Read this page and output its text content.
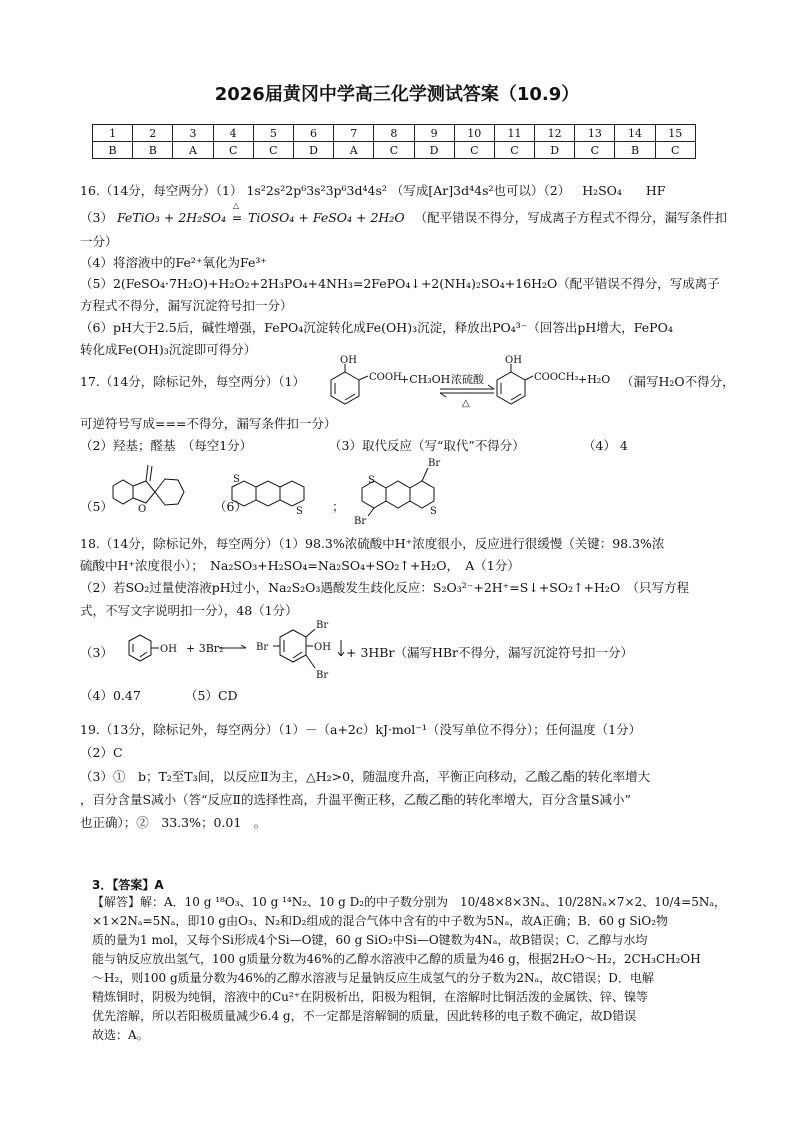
2026届黄冈中学高三化学测试答案（10.9）
1	2	3	4	5	6	7	8	9	10	11	12	13	14	15
B	B	A	C	C	D	A	C	D	C	C	D	C	B	C
16.（14分，每空两分）（1） 1s²2s²2p⁶3s²3p⁶3d⁴4s² （写成[Ar]3d⁴4s²也可以）（2） H₂SO₄ HF
（3） FeTiO₃ + 2H₂SO₄ =
△
TiOSO₄ + FeSO₄ + 2H₂O （配平错误不得分，写成离子方程式不得分，漏写条件扣
一分）
（4）将溶液中的Fe²⁺氧化为Fe³⁺
（5）2(FeSO₄·7H₂O)+H₂O₂+2H₃PO₄+4NH₃=2FePO₄↓+2(NH₄)₂SO₄+16H₂O（配平错误不得分，写成离子
方程式不得分，漏写沉淀符号扣一分）
（6）pH大于2.5后，碱性增强，FePO₄沉淀转化成Fe(OH)₃沉淀，释放出PO₄³⁻（回答出pH增大，FePO₄
转化成Fe(OH)₃沉淀即可得分）
17.（14分，除标记外，每空两分）（1）
OH
COOH
+CH₃OH 浓硫酸
△
OH
COOCH₃ +H₂O （漏写H₂O不得分，
可逆符号写成===不得分，漏写条件扣一分）
（2）羟基；醛基　（每空1分）	（3）取代反应（写“取代”不得分）	（4） 4
（5）	（6）	；
O
S
S
Br
Br
S
S
18.（14分，除标记外，每空两分）（1）98.3%浓硫酸中H⁺浓度很小，反应进行很缓慢（关键：98.3%浓
硫酸中H⁺浓度很小）；　Na₂SO₃+H₂SO₄=Na₂SO₄+SO₂↑+H₂O，　A（1分）
（2）若SO₂过量使溶液pH过小，Na₂S₂O₃遇酸发生歧化反应：S₂O₃²⁻+2H⁺=S↓+SO₂↑+H₂O　（只写方程
式，不写文字说明扣一分），48（1分）
（3）	OH + 3Br₂
Br
Br	OH
Br
+ 3HBr（漏写HBr不得分，漏写沉淀符号扣一分）
（4）0.47	（5）CD
19.（13分，除标记外，每空两分）（1）－（a+2c）kJ·mol⁻¹（没写单位不得分）；任何温度（1分）
（2）C
（3）①　b；T₂至T₃间，以反应Ⅱ为主，△H₂>0，随温度升高，平衡正向移动，乙酸乙酯的转化率增大
，百分含量S减小（答“反应Ⅱ的选择性高，升温平衡正移，乙酸乙酯的转化率增大，百分含量S减小”
也正确）；②　33.3%；0.01　。
3．【答案】A
【解答】解：A．10 g ¹⁸O₃、10 g ¹⁴N₂、10 g D₂的中子数分别为　10/48×8×3Nₐ、10/28Nₐ×7×2、10/4=5Nₐ，
×1×2Nₐ=5Nₐ，即10 g由O₃、N₂和D₂组成的混合气体中含有的中子数为5Nₐ，故A正确；B．60 g SiO₂物
质的量为1 mol，又每个Si形成4个Si—O键，60 g SiO₂中Si—O键数为4Nₐ，故B错误；C．乙醇与水均
能与钠反应放出氢气，100 g质量分数为46%的乙醇水溶液中乙醇的质量为46 g，根据2H₂O～H₂，2CH₃CH₂OH
～H₂，则100 g质量分数为46%的乙醇水溶液与足量钠反应生成氢气的分子数为2Nₐ，故C错误；D．电解
精炼铜时，阴极为纯铜，溶液中的Cu²⁺在阴极析出，阳极为粗铜，在溶解时比铜活泼的金属铁、锌、镍等
优先溶解，所以若阳极质量减少6.4 g，不一定都是溶解铜的质量，因此转移的电子数不确定，故D错误
故选：A。
